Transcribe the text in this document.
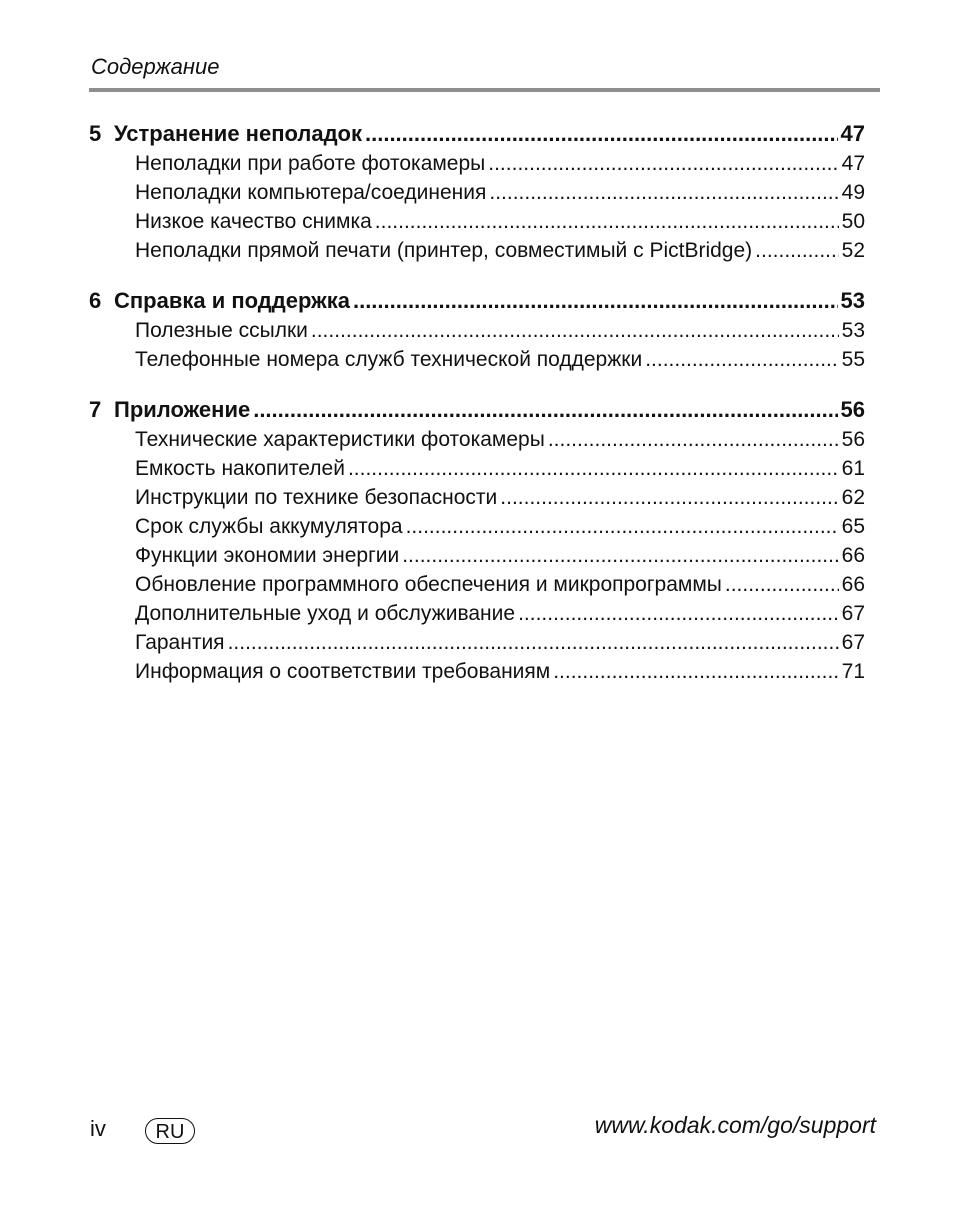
Содержание
5 Устранение неполадок .....	47
Неполадки при работе фотокамеры .....	47
Неполадки компьютера/соединения .....	49
Низкое качество снимка .....	50
Неполадки прямой печати (принтер, совместимый с PictBridge) .....	52
6 Справка и поддержка .....	53
Полезные ссылки .....	53
Телефонные номера служб технической поддержки .....	55
7 Приложение .....	56
Технические характеристики фотокамеры .....	56
Емкость накопителей .....	61
Инструкции по технике безопасности .....	62
Срок службы аккумулятора .....	65
Функции экономии энергии .....	66
Обновление программного обеспечения и микропрограммы .....	66
Дополнительные уход и обслуживание .....	67
Гарантия .....	67
Информация о соответствии требованиям .....	71
iv	RU	www.kodak.com/go/support
